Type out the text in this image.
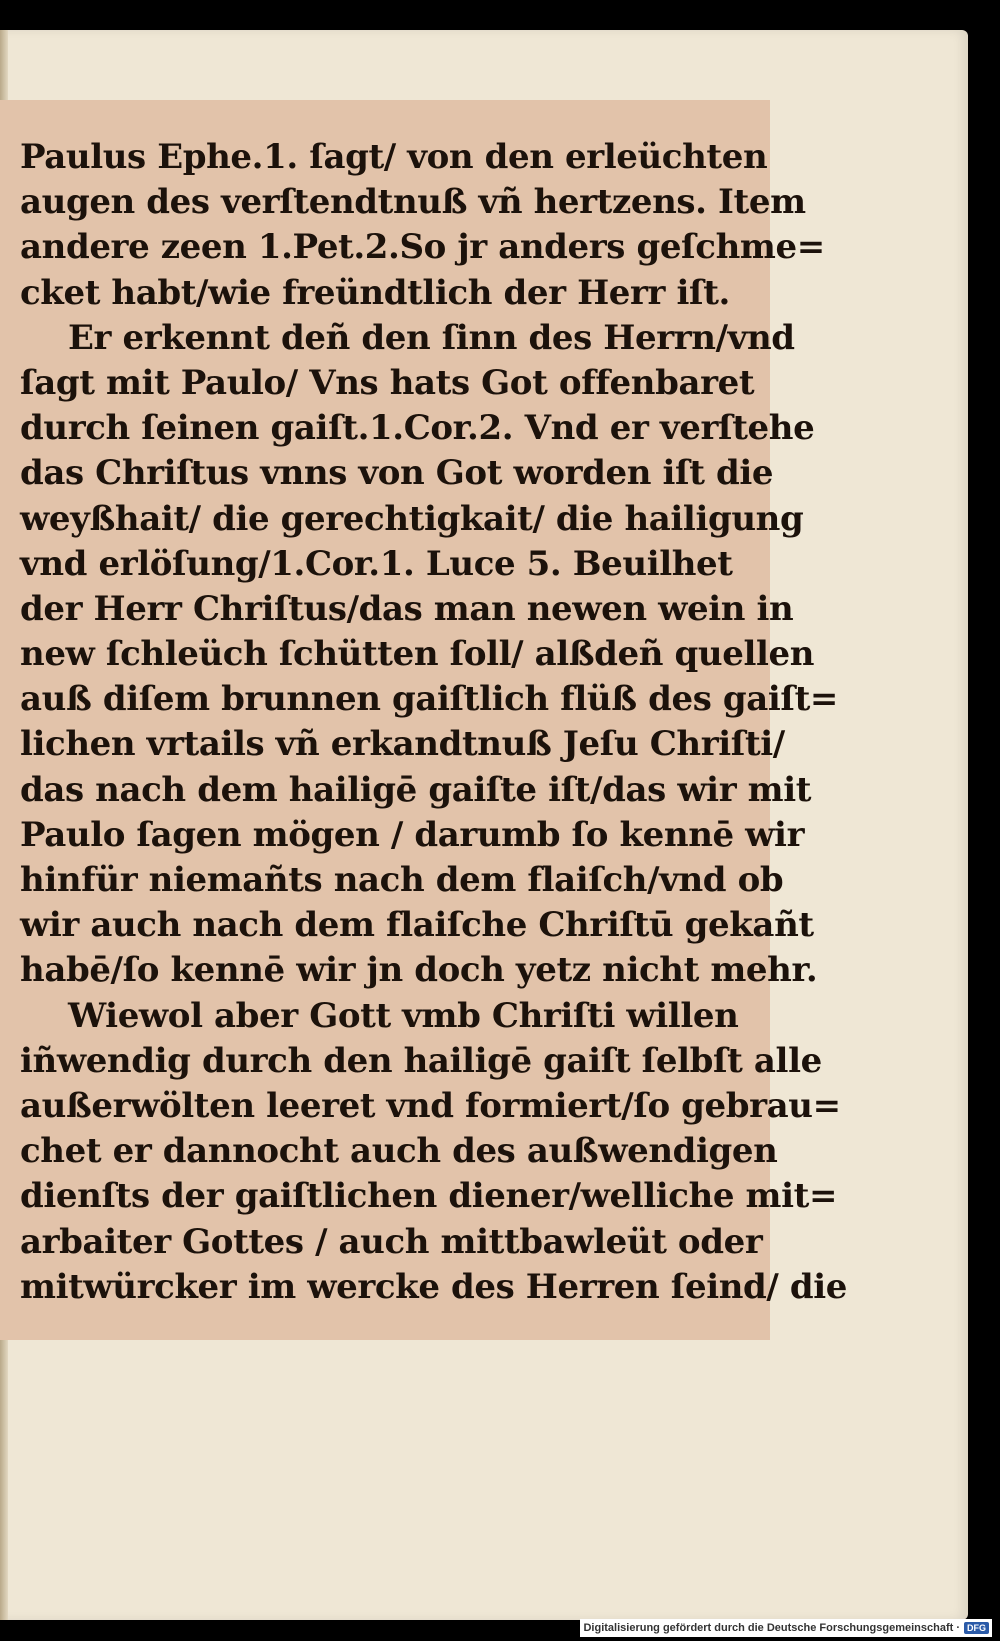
Paulus Ephe.1. ſagt/ von den erleüchten
augen des verſtendtnuß vñ hertzens. Item
andere zeen 1.Pet.2.So jr anders geſchme=
cket habt/wie freündtlich der Herr iſt.
Er erkennt deñ den ſinn des Herrn/vnd
ſagt mit Paulo/ Vns hats Got offenbaret
durch ſeinen gaiſt.1.Cor.2. Vnd er verſtehe
das Chriſtus vnns von Got worden iſt die
weyßhait/ die gerechtigkait/ die hailigung
vnd erlöſung/1.Cor.1. Luce 5. Beuilhet
der Herr Chriſtus/das man newen wein in
new ſchleüch ſchütten ſoll/ alßdeñ quellen
auß diſem brunnen gaiſtlich flüß des gaiſt=
lichen vrtails vñ erkandtnuß Jeſu Chriſti/
das nach dem hailigē gaiſte iſt/das wir mit
Paulo ſagen mögen / darumb ſo kennē wir
hinfür niemañts nach dem flaiſch/vnd ob
wir auch nach dem flaiſche Chriſtū gekañt
habē/ſo kennē wir jn doch yetz nicht mehr.
Wiewol aber Gott vmb Chriſti willen
iñwendig durch den hailigē gaiſt ſelbſt alle
außerwölten leeret vnd formiert/ſo gebrau=
chet er dannocht auch des außwendigen
dienſts der gaiſtlichen diener/welliche mit=
arbaiter Gottes / auch mittbawleüt oder
mitwürcker im wercke des Herren ſeind/ die
Digitalisierung gefördert durch die Deutsche Forschungsgemeinschaft · DFG
